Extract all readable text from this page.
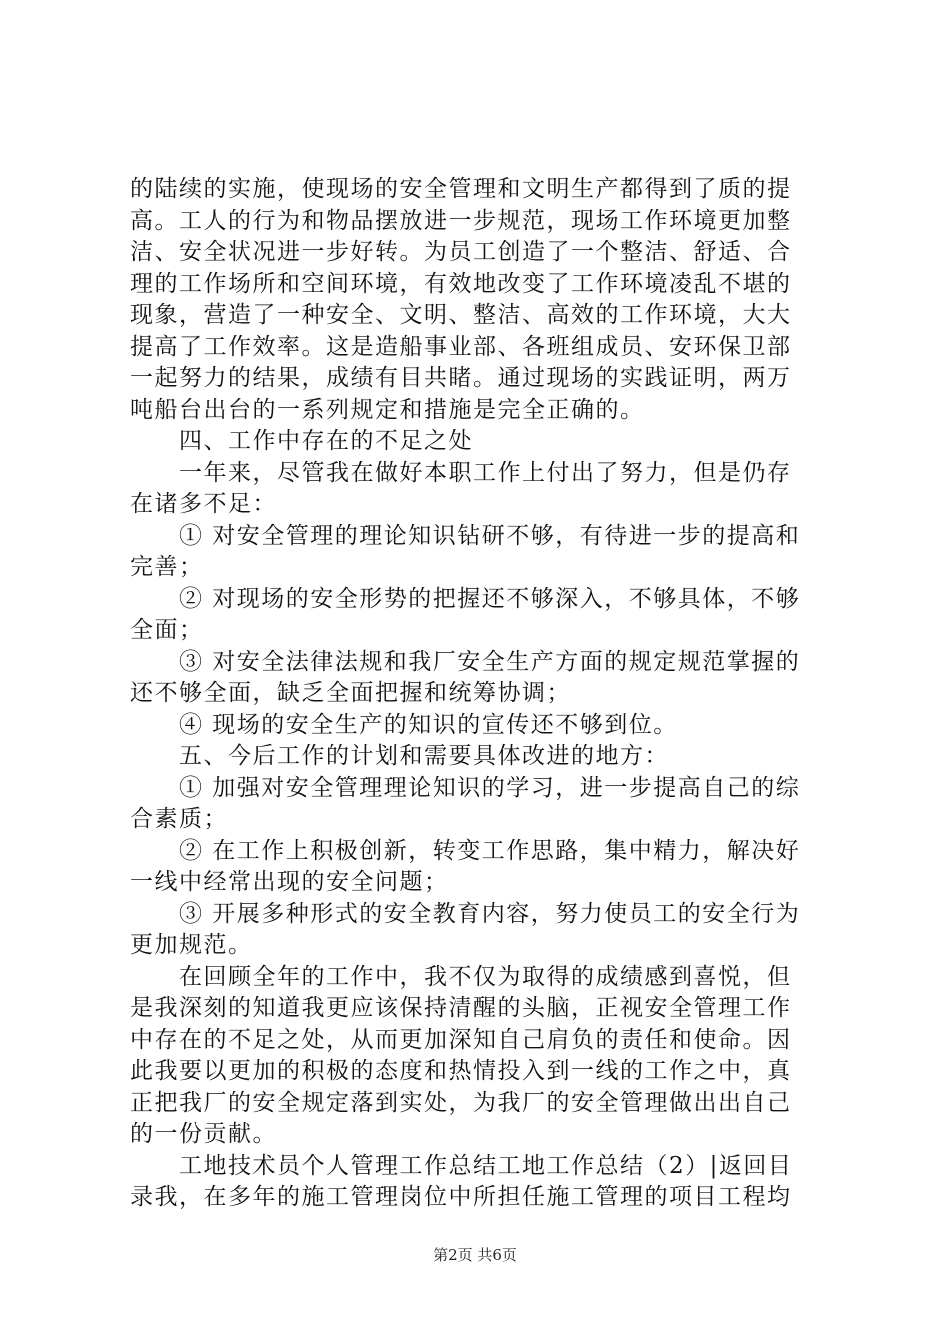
的陆续的实施，使现场的安全管理和文明生产都得到了质的提
高。工人的行为和物品摆放进一步规范，现场工作环境更加整
洁、安全状况进一步好转。为员工创造了一个整洁、舒适、合
理的工作场所和空间环境，有效地改变了工作环境凌乱不堪的
现象，营造了一种安全、文明、整洁、高效的工作环境，大大
提高了工作效率。这是造船事业部、各班组成员、安环保卫部
一起努力的结果，成绩有目共睹。通过现场的实践证明，两万
吨船台出台的一系列规定和措施是完全正确的。
　　四、工作中存在的不足之处
　　一年来，尽管我在做好本职工作上付出了努力，但是仍存
在诸多不足：
　　① 对安全管理的理论知识钻研不够，有待进一步的提高和
完善；
　　② 对现场的安全形势的把握还不够深入，不够具体，不够
全面；
　　③ 对安全法律法规和我厂安全生产方面的规定规范掌握的
还不够全面，缺乏全面把握和统筹协调；
　　④ 现场的安全生产的知识的宣传还不够到位。
　　五、今后工作的计划和需要具体改进的地方：
　　① 加强对安全管理理论知识的学习，进一步提高自己的综
合素质；
　　② 在工作上积极创新，转变工作思路，集中精力，解决好
一线中经常出现的安全问题；
　　③ 开展多种形式的安全教育内容，努力使员工的安全行为
更加规范。
　　在回顾全年的工作中，我不仅为取得的成绩感到喜悦，但
是我深刻的知道我更应该保持清醒的头脑，正视安全管理工作
中存在的不足之处，从而更加深知自己肩负的责任和使命。因
此我要以更加的积极的态度和热情投入到一线的工作之中，真
正把我厂的安全规定落到实处，为我厂的安全管理做出出自己
的一份贡献。
　　工地技术员个人管理工作总结工地工作总结（2）|返回目
录我，在多年的施工管理岗位中所担任施工管理的项目工程均
第2页 共6页
